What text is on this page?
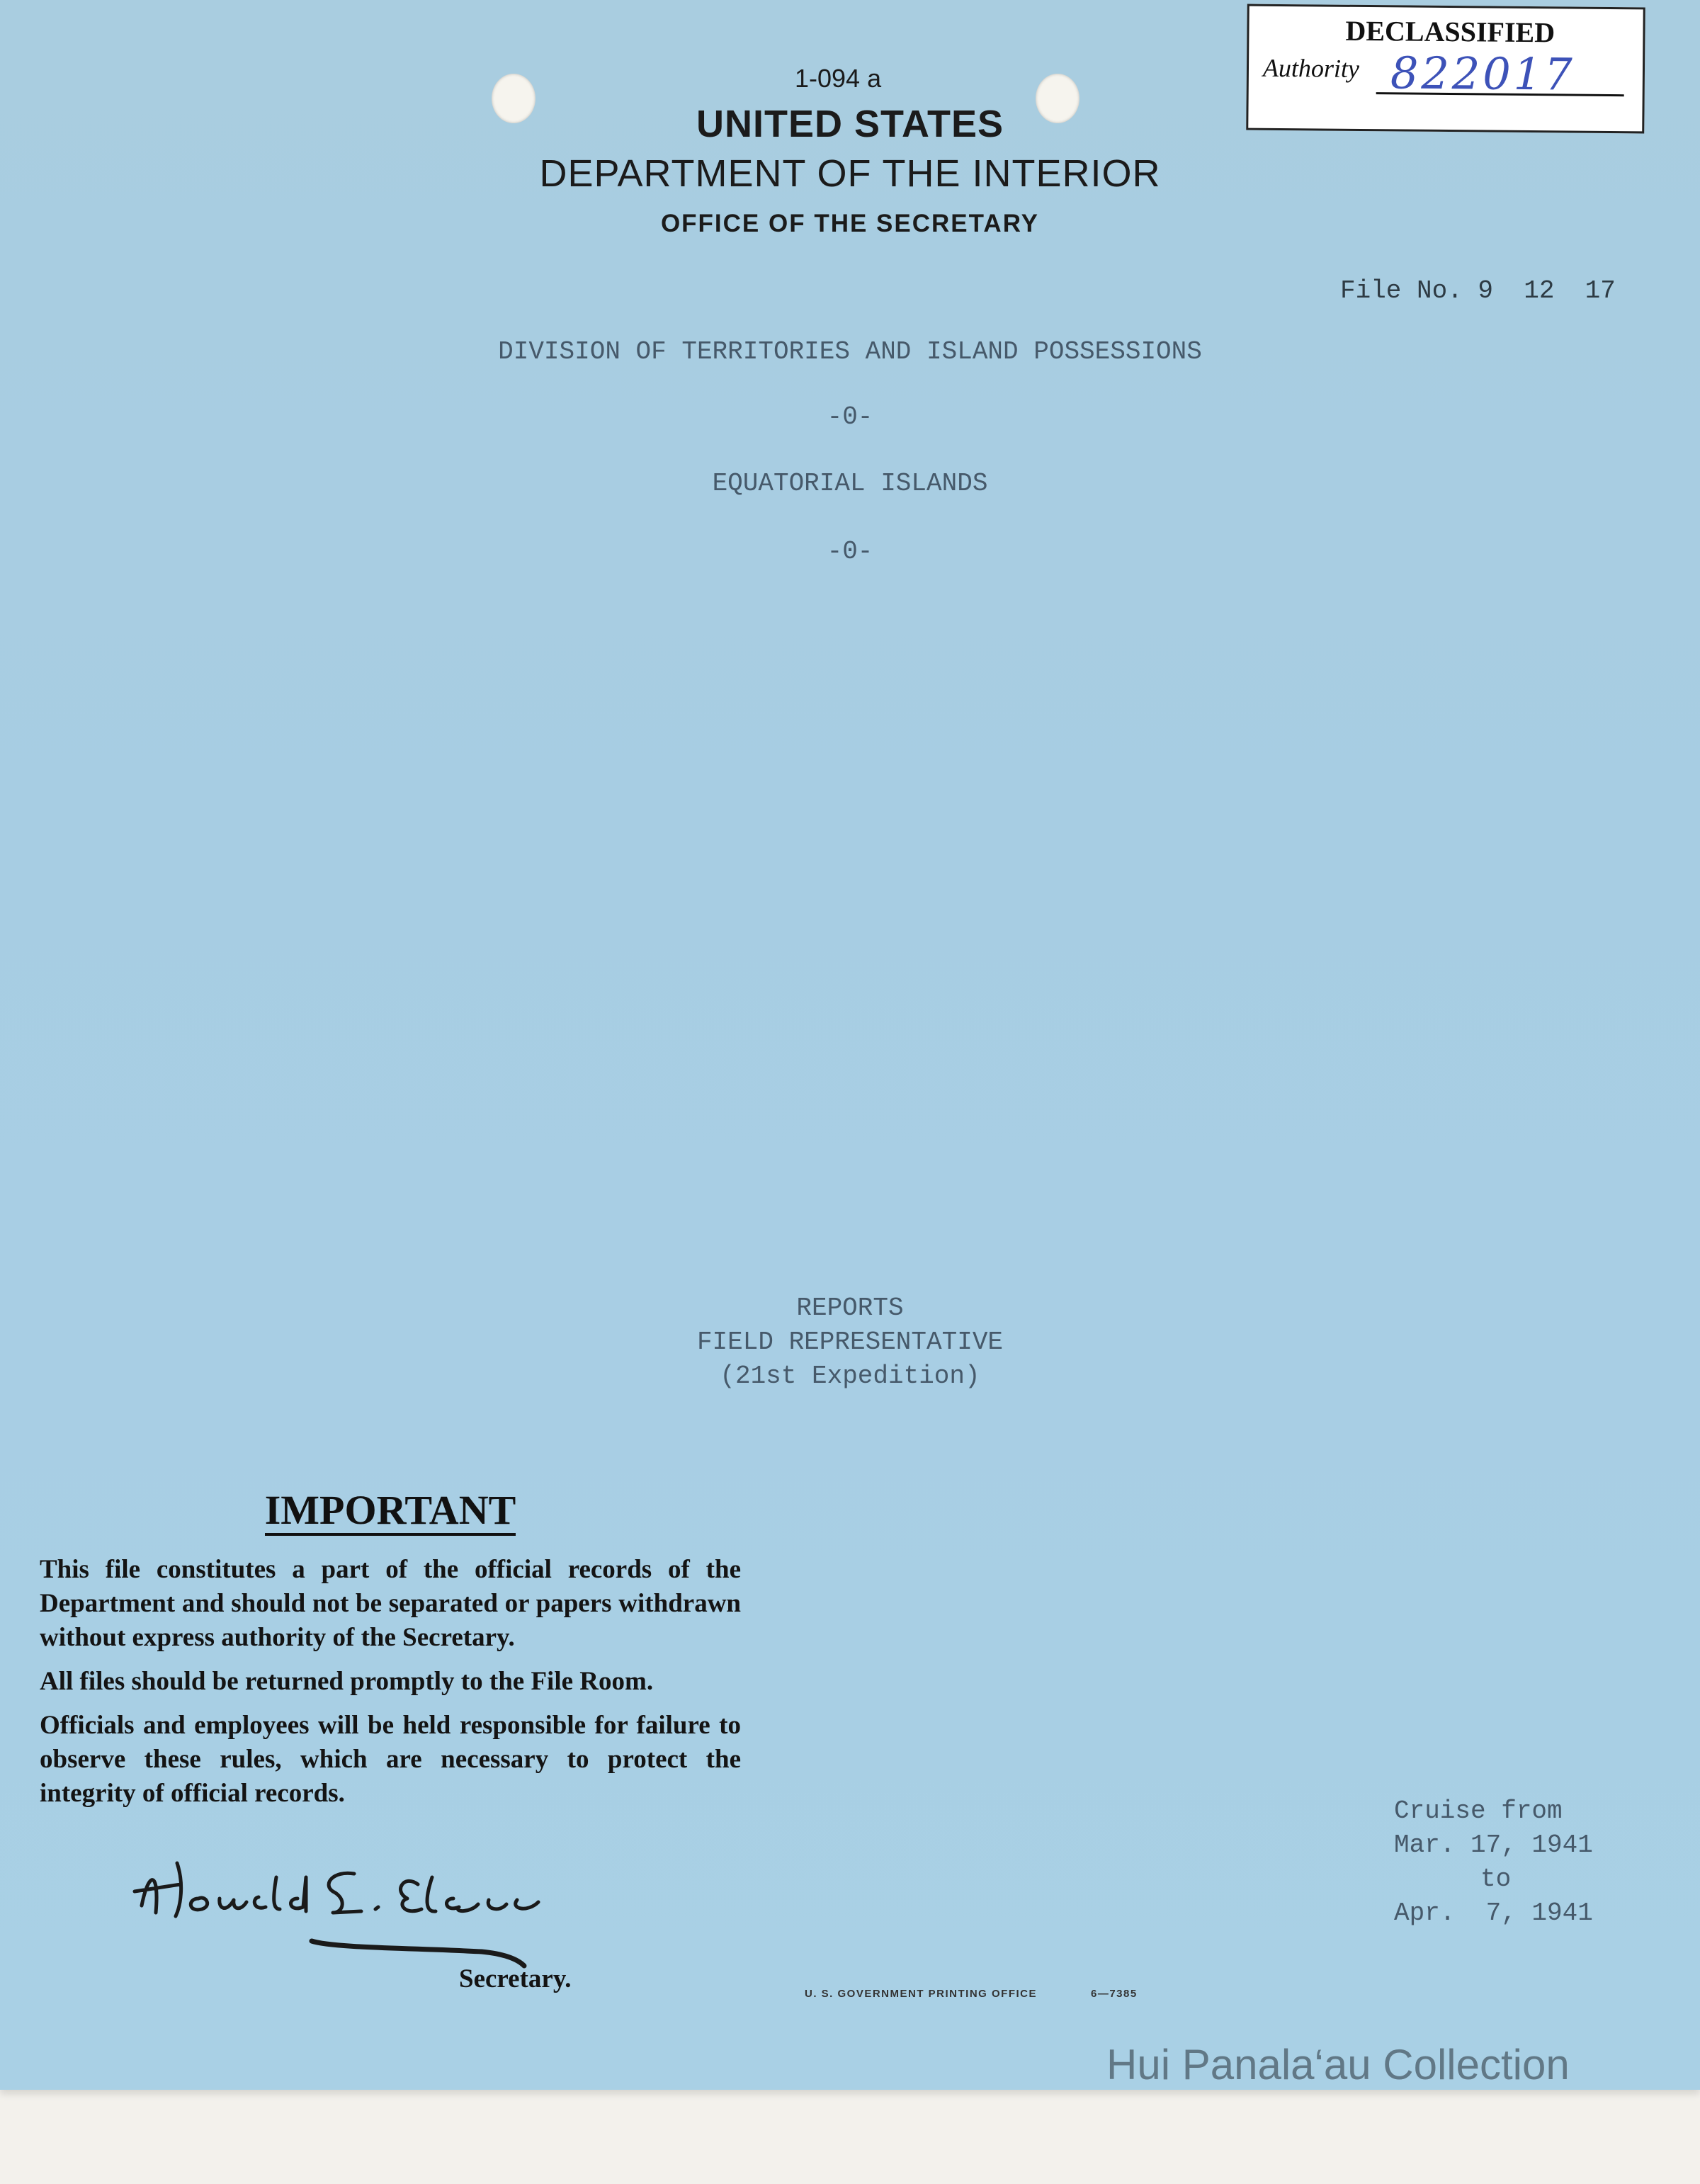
DECLASSIFIED
Authority 822017
1-094 a
UNITED STATES
DEPARTMENT OF THE INTERIOR
OFFICE OF THE SECRETARY
File No. 9  12  17
DIVISION OF TERRITORIES AND ISLAND POSSESSIONS
-0-
EQUATORIAL ISLANDS
-0-
REPORTS
FIELD REPRESENTATIVE
(21st Expedition)
IMPORTANT

This file constitutes a part of the official records of the Department and should not be separated or papers withdrawn without express authority of the Secretary.

All files should be returned promptly to the File Room.

Officials and employees will be held responsible for failure to observe these rules, which are necessary to protect the integrity of official records.

Secretary.
U. S. GOVERNMENT PRINTING OFFICE	6—7385
Cruise from
Mar. 17, 1941
to
Apr.  7, 1941
Hui Panala‘au Collection
